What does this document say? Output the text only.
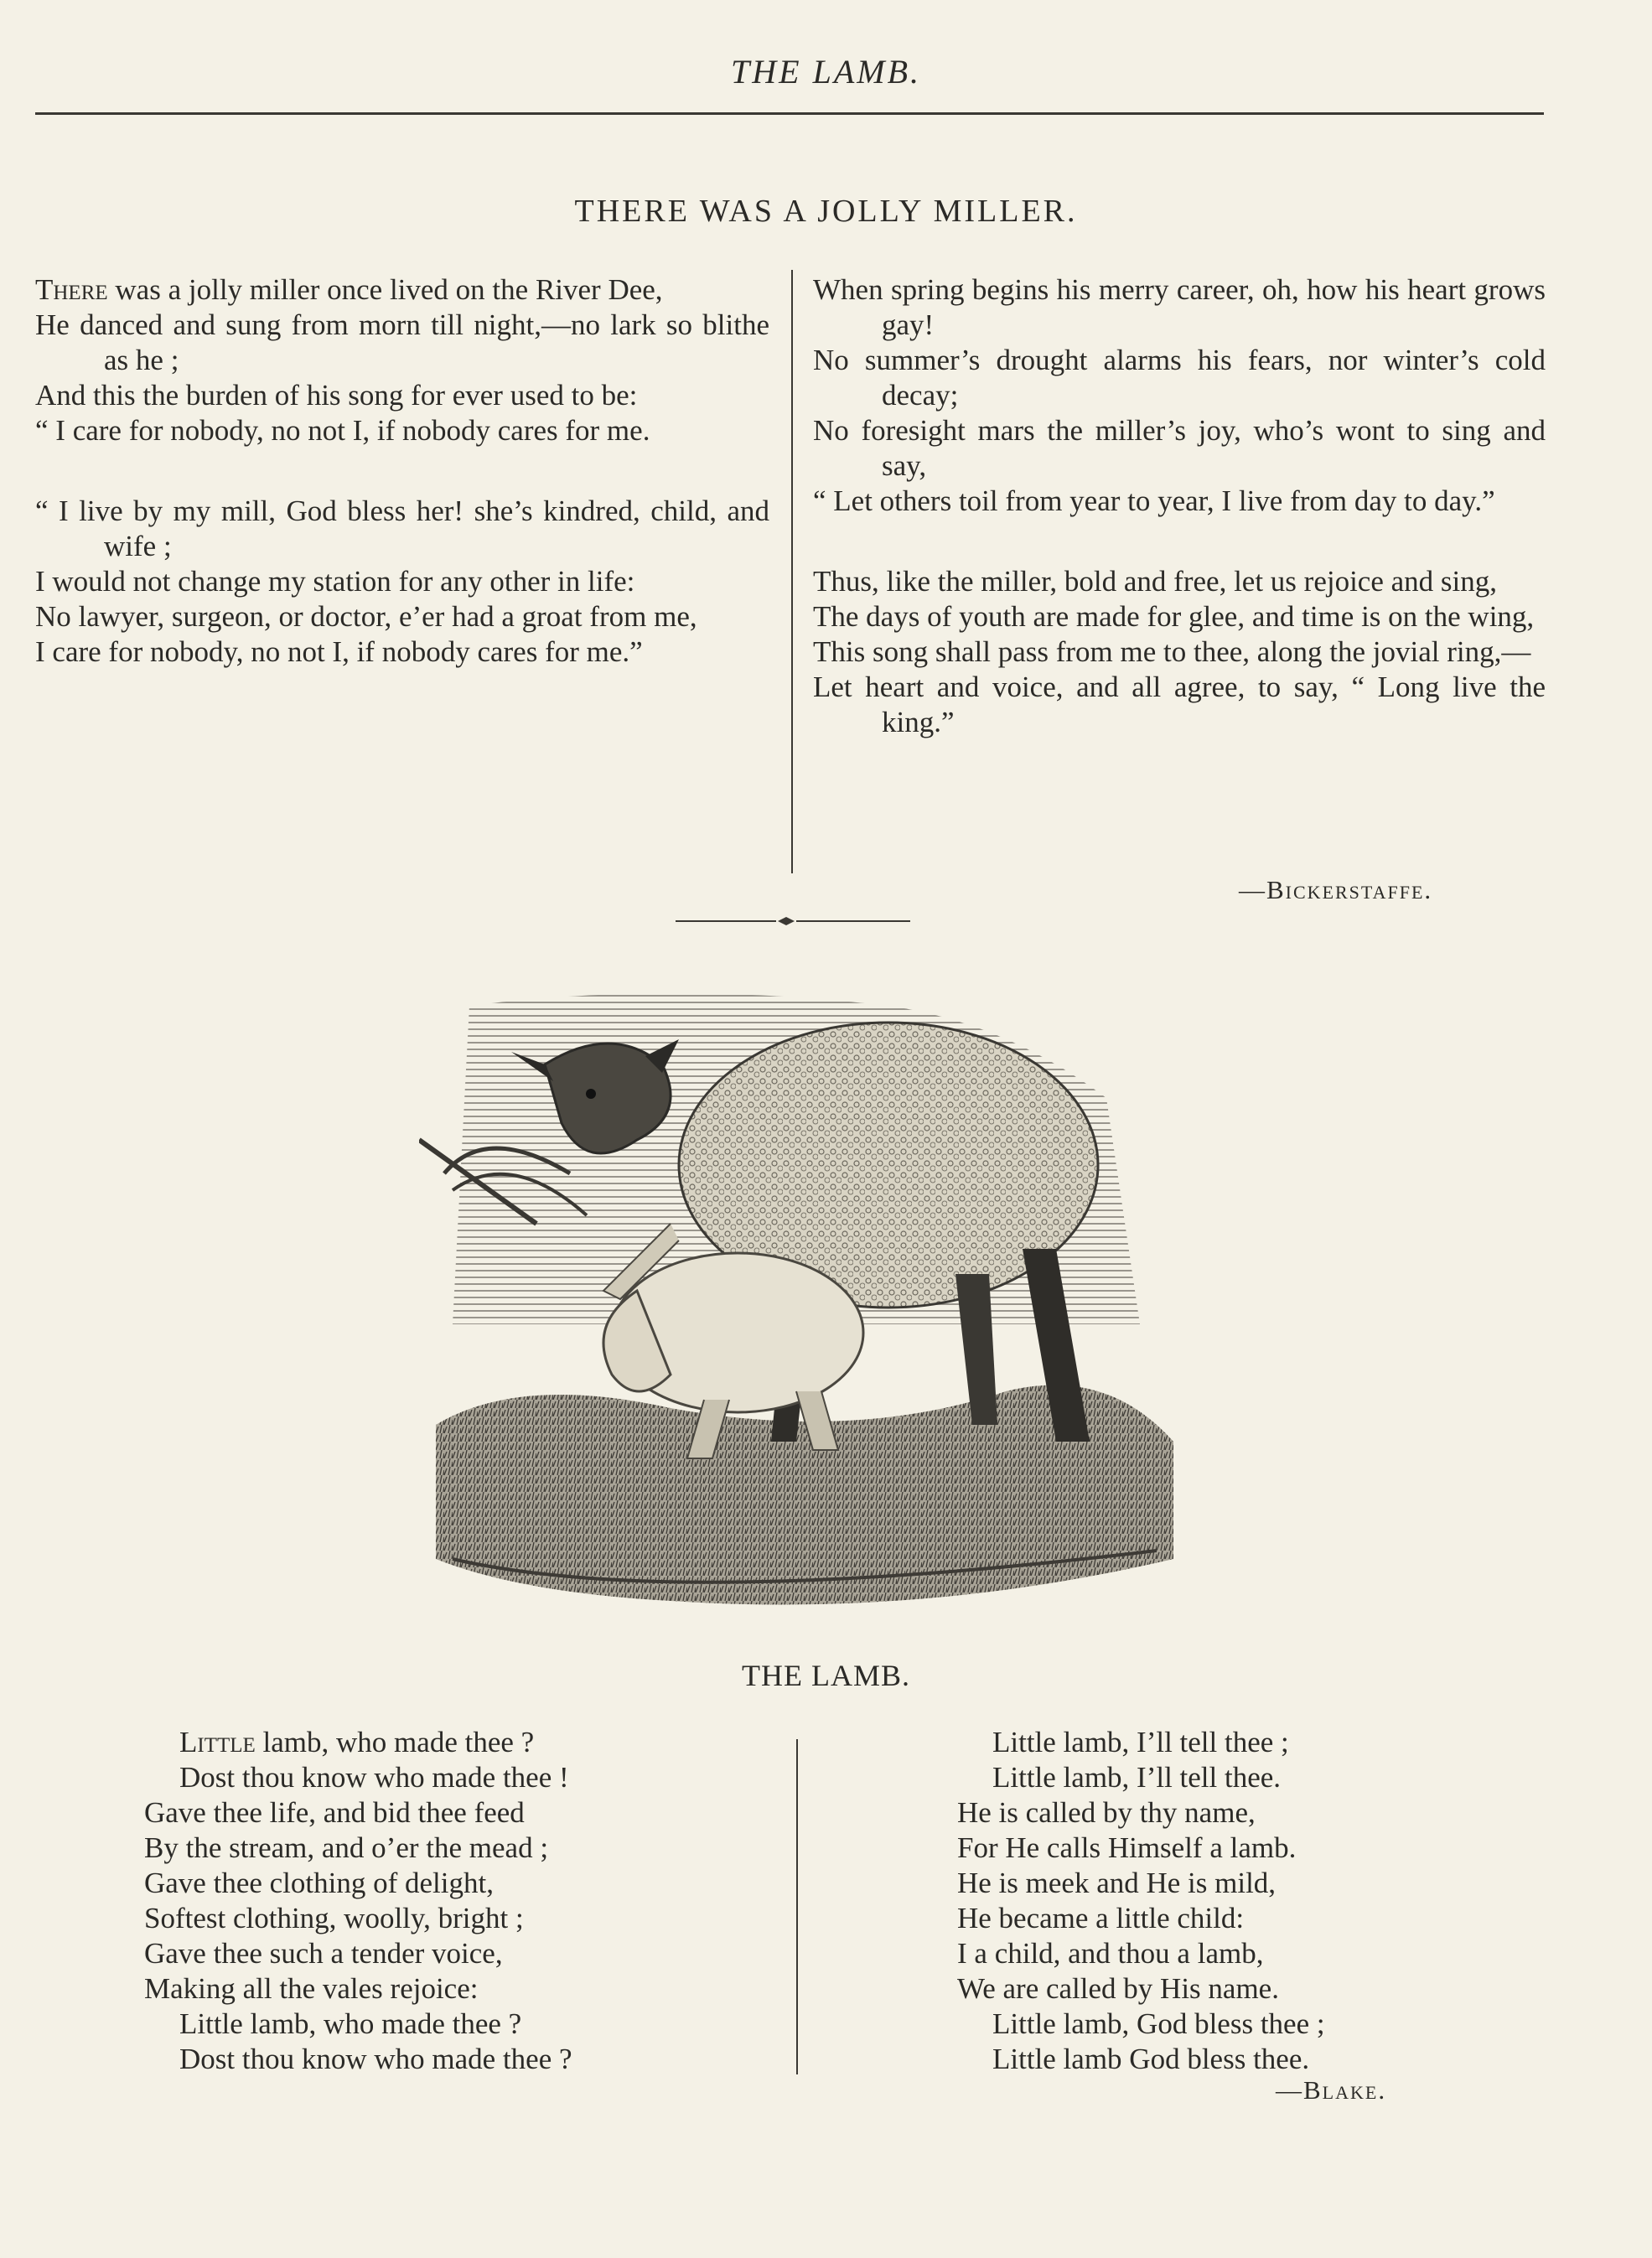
THE LAMB.
THERE WAS A JOLLY MILLER.

There was a jolly miller once lived on the River Dee,

He danced and sung from morn till night,—no lark so blithe as he ;

And this the burden of his song for ever used to be:

“ I care for nobody, no not I, if nobody cares for me.

“ I live by my mill, God bless her! she’s kindred, child, and wife ;

I would not change my station for any other in life:

No lawyer, surgeon, or doctor, e’er had a groat from me,

I care for nobody, no not I, if nobody cares for me.”

When spring begins his merry career, oh, how his heart grows gay!

No summer’s drought alarms his fears, nor winter’s cold decay;

No foresight mars the miller’s joy, who’s wont to sing and say,

“ Let others toil from year to year, I live from day to day.”

Thus, like the miller, bold and free, let us rejoice and sing,

The days of youth are made for glee, and time is on the wing,

This song shall pass from me to thee, along the jovial ring,—

Let heart and voice, and all agree, to say, “ Long live the king.”

—Bickerstaffe.
THE LAMB.

Little lamb, who made thee ?

Dost thou know who made thee !

Gave thee life, and bid thee feed

By the stream, and o’er the mead ;

Gave thee clothing of delight,

Softest clothing, woolly, bright ;

Gave thee such a tender voice,

Making all the vales rejoice:

Little lamb, who made thee ?

Dost thou know who made thee ?

Little lamb, I’ll tell thee ;

Little lamb, I’ll tell thee.

He is called by thy name,

For He calls Himself a lamb.

He is meek and He is mild,

He became a little child:

I a child, and thou a lamb,

We are called by His name.

Little lamb, God bless thee ;

Little lamb God bless thee.

—Blake.
